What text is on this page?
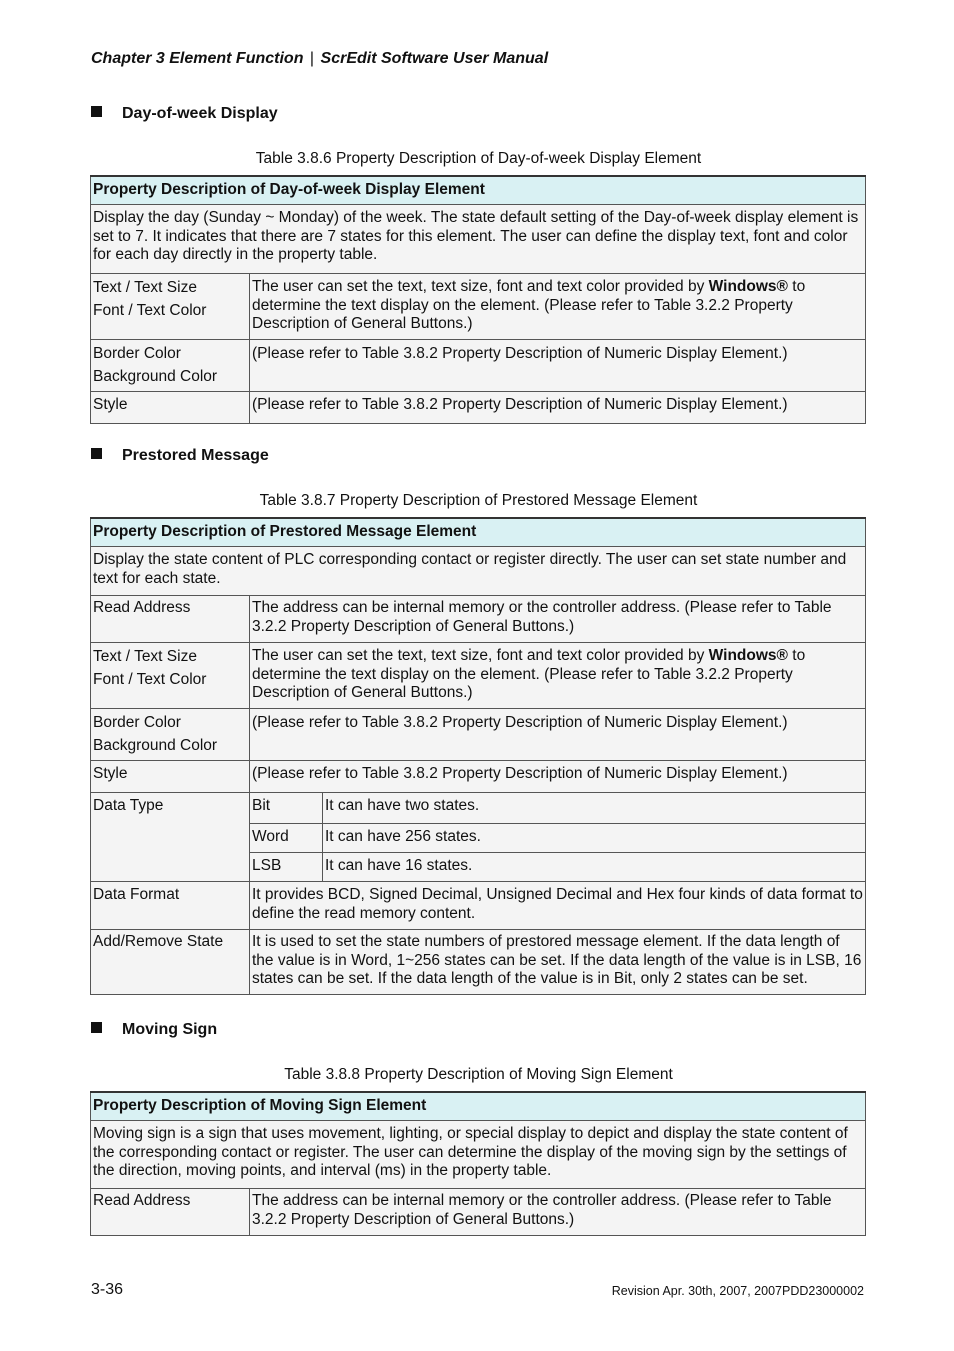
Chapter 3 Element Function | ScrEdit Software User Manual
Day-of-week Display
Table 3.8.6 Property Description of Day-of-week Display Element
Property Description of Day-of-week Display Element	
Display the day (Sunday ~ Monday) of the week. The state default setting of the Day-of-week display element is set to 7. It indicates that there are 7 states for this element. The user can define the display text, font and color for each day directly in the property table.	

Text / Text Size
Font / Text Color	The user can set the text, text size, font and text color provided by Windows® to determine the text display on the element. (Please refer to Table 3.2.2 Property Description of General Buttons.)

Border Color
Background Color	(Please refer to Table 3.8.2 Property Description of Numeric Display Element.)
Style	(Please refer to Table 3.8.2 Property Description of Numeric Display Element.)
Prestored Message
Table 3.8.7 Property Description of Prestored Message Element
Property Description of Prestored Message Element		
Display the state content of PLC corresponding contact or register directly. The user can set state number and text for each state.		
Read Address	The address can be internal memory or the controller address. (Please refer to Table 3.2.2 Property Description of General Buttons.)	

Text / Text Size
Font / Text Color	The user can set the text, text size, font and text color provided by Windows® to determine the text display on the element. (Please refer to Table 3.2.2 Property Description of General Buttons.)	

Border Color
Background Color	(Please refer to Table 3.8.2 Property Description of Numeric Display Element.)	
Style	(Please refer to Table 3.8.2 Property Description of Numeric Display Element.)	
Data Type	Bit	It can have two states.
	Word	It can have 256 states.
	LSB	It can have 16 states.
Data Format	It provides BCD, Signed Decimal, Unsigned Decimal and Hex four kinds of data format to define the read memory content.	
Add/Remove State	It is used to set the state numbers of prestored message element. If the data length of the value is in Word, 1~256 states can be set. If the data length of the value is in LSB, 16 states can be set. If the data length of the value is in Bit, only 2 states can be set.	
Moving Sign
Table 3.8.8 Property Description of Moving Sign Element
Property Description of Moving Sign Element
Moving sign is a sign that uses movement, lighting, or special display to depict and display the state content of the corresponding contact or register. The user can determine the display of the moving sign by the settings of the direction, moving points, and interval (ms) in the property table.
Read Address	The address can be internal memory or the controller address. (Please refer to Table 3.2.2 Property Description of General Buttons.)
3-36	Revision Apr. 30th, 2007, 2007PDD23000002
